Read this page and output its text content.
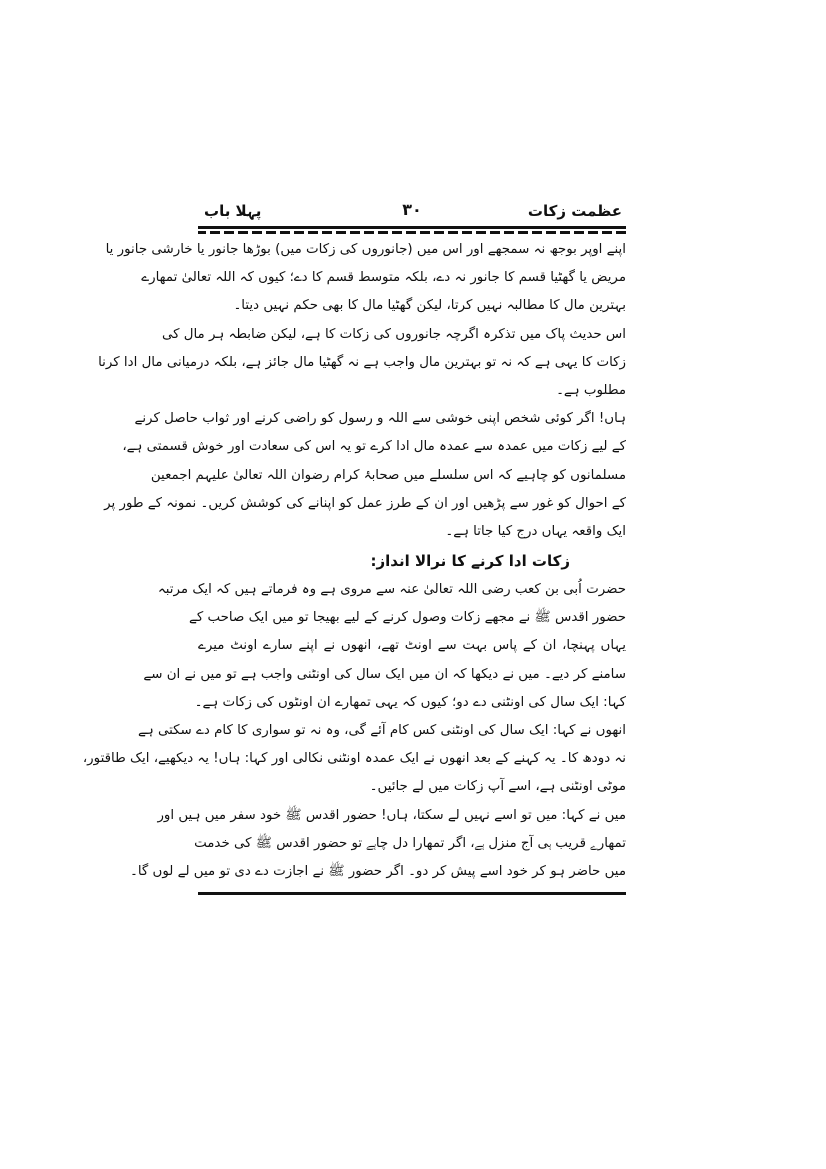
عظمت زکات
۳۰
پہلا باب
اپنے اوپر بوجھ نہ سمجھے اور اس میں (جانوروں کی زکات میں) بوڑھا جانور یا خارشی جانور یا
مریض یا گھٹیا قسم کا جانور نہ دے، بلکہ متوسط قسم کا دے؛ کیوں کہ اللہ تعالیٰ تمھارے
بہترین مال کا مطالبہ نہیں کرتا، لیکن گھٹیا مال کا بھی حکم نہیں دیتا۔
اس حدیث پاک میں تذکرہ اگرچہ جانوروں کی زکات کا ہے، لیکن ضابطہ ہر مال کی
زکات کا یہی ہے کہ نہ تو بہترین مال واجب ہے نہ گھٹیا مال جائز ہے، بلکہ درمیانی مال ادا کرنا
مطلوب ہے۔
ہاں! اگر کوئی شخص اپنی خوشی سے اللہ و رسول کو راضی کرنے اور ثواب حاصل کرنے
کے لیے زکات میں عمدہ سے عمدہ مال ادا کرے تو یہ اس کی سعادت اور خوش قسمتی ہے،
مسلمانوں کو چاہیے کہ اس سلسلے میں صحابۂ کرام رضوان اللہ تعالیٰ علیہم اجمعین
کے احوال کو غور سے پڑھیں اور ان کے طرز عمل کو اپنانے کی کوشش کریں۔ نمونہ کے طور پر
ایک واقعہ یہاں درج کیا جاتا ہے۔
زکات ادا کرنے کا نرالا انداز:
حضرت اُبی بن کعب رضی اللہ تعالیٰ عنہ سے مروی ہے وہ فرماتے ہیں کہ ایک مرتبہ
حضور اقدس ﷺ نے مجھے زکات وصول کرنے کے لیے بھیجا تو میں ایک صاحب کے
یہاں پہنچا، ان کے پاس بہت سے اونٹ تھے، انھوں نے اپنے سارے اونٹ میرے
سامنے کر دیے۔ میں نے دیکھا کہ ان میں ایک سال کی اونٹنی واجب ہے تو میں نے ان سے
کہا: ایک سال کی اونٹنی دے دو؛ کیوں کہ یہی تمھارے ان اونٹوں کی زکات ہے۔
انھوں نے کہا: ایک سال کی اونٹنی کس کام آئے گی، وہ نہ تو سواری کا کام دے سکتی ہے
نہ دودھ کا۔ یہ کہنے کے بعد انھوں نے ایک عمدہ اونٹنی نکالی اور کہا: ہاں! یہ دیکھیے، ایک طاقتور،
موٹی اونٹنی ہے، اسے آپ زکات میں لے جائیں۔
میں نے کہا: میں تو اسے نہیں لے سکتا، ہاں! حضور اقدس ﷺ خود سفر میں ہیں اور
تمھارے قریب ہی آج منزل ہے، اگر تمھارا دل چاہے تو حضور اقدس ﷺ کی خدمت
میں حاضر ہو کر خود اسے پیش کر دو۔ اگر حضور ﷺ نے اجازت دے دی تو میں لے لوں گا۔
